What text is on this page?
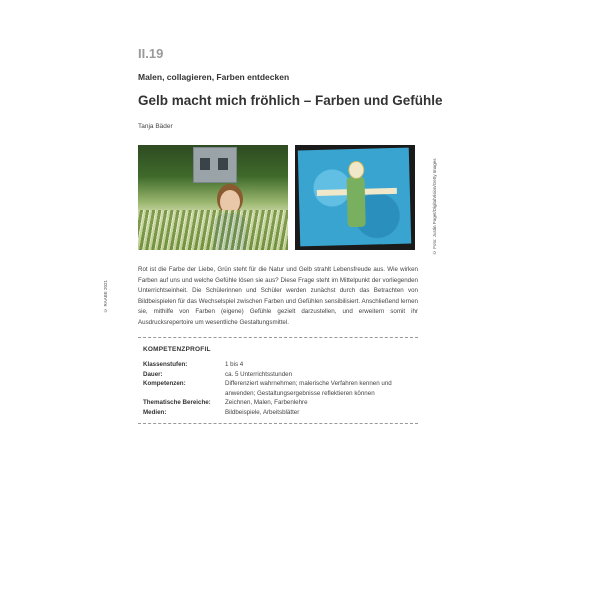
II.19
Malen, collagieren, Farben entdecken
Gelb macht mich fröhlich – Farben und Gefühle
Tanja Bäder
© Foto: Justin Paget/DigitalVision/Getty Images
© RAABE 2021

Rot ist die Farbe der Liebe, Grün steht für die Natur und Gelb strahlt Lebensfreude aus. Wie wirken Farben auf uns und welche Gefühle lösen sie aus? Diese Frage steht im Mittelpunkt der vorliegenden Unterrichtseinheit. Die Schülerinnen und Schüler werden zunächst durch das Betrachten von Bildbeispielen für das Wechselspiel zwischen Farben und Gefühlen sensibilisiert. Anschließend lernen sie, mithilfe von Farben (eigene) Gefühle gezielt darzustellen, und erweitern somit ihr Ausdrucksrepertoire um wesentliche Gestaltungsmittel.

KOMPETENZPROFIL
Klassenstufen:	1 bis 4
Dauer:	ca. 5 Unterrichtsstunden
Kompetenzen:	Differenziert wahrnehmen; malerische Verfahren kennen und anwenden; Gestaltungsergebnisse reflektieren können
Thematische Bereiche:	Zeichnen, Malen, Farbenlehre
Medien:	Bildbeispiele, Arbeitsblätter
